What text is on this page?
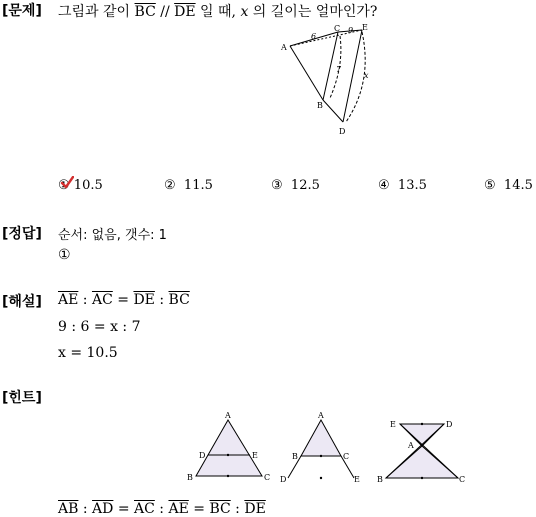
[문제] 그림과 같이 $\overline{BC} // \overline{DE}$ 일 때, x 의 길이는 얼마인가?
A
B
C
D
E
6
9
x
7
① 10.5	② 11.5	③ 12.5	④ 13.5	⑤ 14.5
[정답] 순서: 없음, 갯수: 1
①
[해설] $\overline{AE}$ : $\overline{AC} = \overline{DE}$ : $\overline{BC}$
9 : 6 = x : 7
x = 10.5
[힌트]
A
D	E
B	C
A
B	C
D	E
E	D
A
B	C
$\overline{AB}$ : $\overline{AD} = \overline{AC}$ : $\overline{AE} = \overline{BC}$ : $\overline{DE}$
